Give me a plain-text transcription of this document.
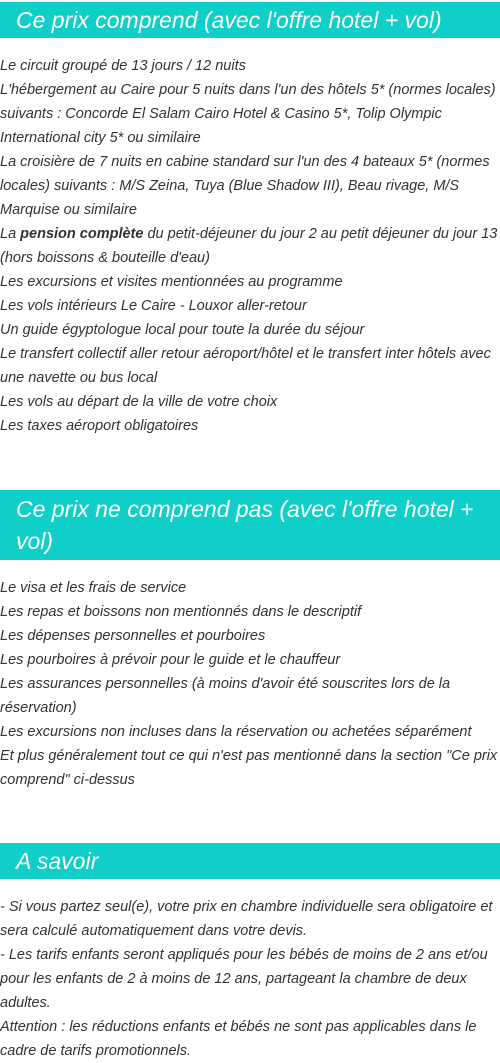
Ce prix comprend (avec l'offre hotel + vol)
Le circuit groupé de 13 jours / 12 nuits
L'hébergement au Caire pour 5 nuits dans l'un des hôtels 5* (normes locales) suivants : Concorde El Salam Cairo Hotel & Casino 5*, Tolip Olympic International city 5* ou similaire
La croisière de 7 nuits en cabine standard sur l'un des 4 bateaux 5* (normes locales) suivants : M/S Zeina, Tuya (Blue Shadow III), Beau rivage, M/S Marquise ou similaire
La pension complète du petit-déjeuner du jour 2 au petit déjeuner du jour 13 (hors boissons & bouteille d'eau)
Les excursions et visites mentionnées au programme
Les vols intérieurs Le Caire - Louxor aller-retour
Un guide égyptologue local pour toute la durée du séjour
Le transfert collectif aller retour aéroport/hôtel et le transfert inter hôtels avec une navette ou bus local
Les vols au départ de la ville de votre choix
Les taxes aéroport obligatoires
Ce prix ne comprend pas (avec l'offre hotel + vol)
Le visa et les frais de service
Les repas et boissons non mentionnés dans le descriptif
Les dépenses personnelles et pourboires
Les pourboires à prévoir pour le guide et le chauffeur
Les assurances personnelles (à moins d'avoir été souscrites lors de la réservation)
Les excursions non incluses dans la réservation ou achetées séparément
Et plus généralement tout ce qui n'est pas mentionné dans la section "Ce prix comprend" ci-dessus
A savoir

- Si vous partez seul(e), votre prix en chambre individuelle sera obligatoire et sera calculé automatiquement dans votre devis.

- Les tarifs enfants seront appliqués pour les bébés de moins de 2 ans et/ou pour les enfants de 2 à moins de 12 ans, partageant la chambre de deux adultes.

Attention : les réductions enfants et bébés ne sont pas applicables dans le cadre de tarifs promotionnels.
